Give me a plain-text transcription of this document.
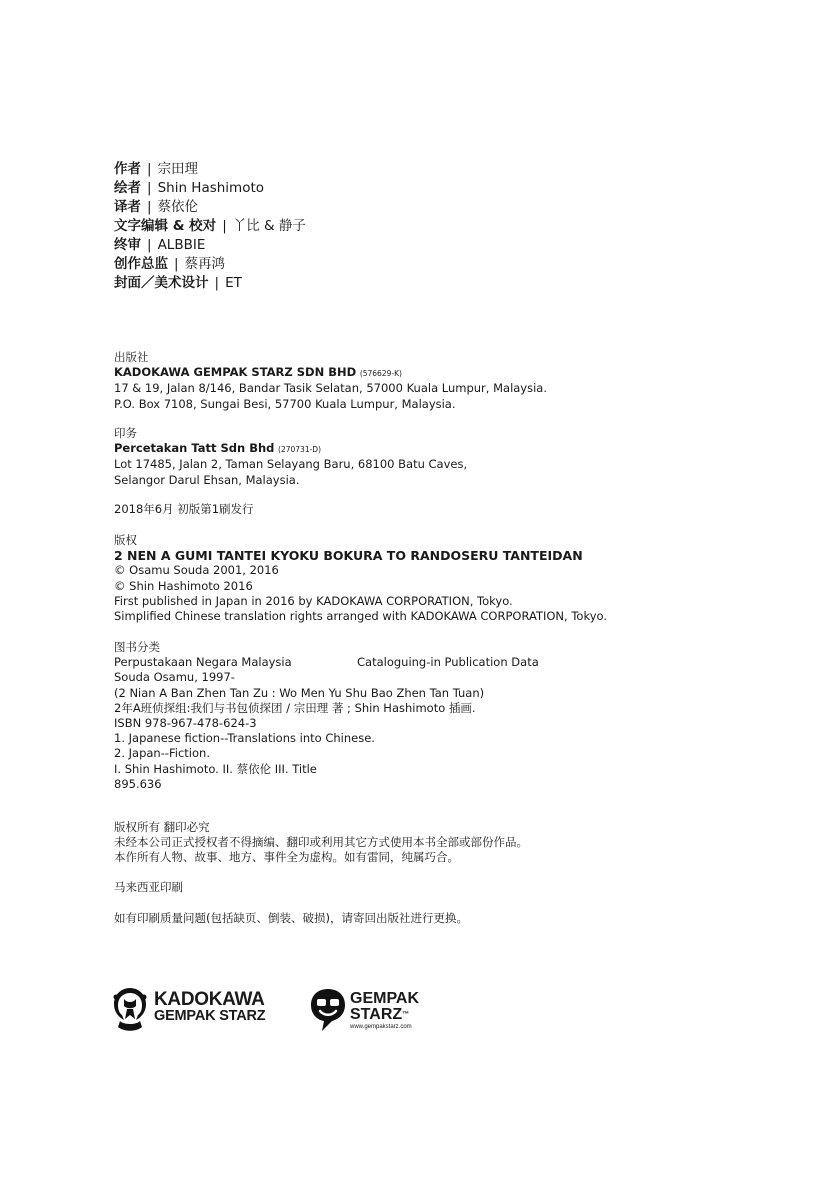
作者 | 宗田理
绘者 | Shin Hashimoto
译者 | 蔡依伦
文字编辑 & 校对 | 丫比 & 静子
终审 | ALBBIE
创作总监 | 蔡再鸿
封面／美术设计 | ET
出版社
KADOKAWA GEMPAK STARZ SDN BHD (576629-K)
17 & 19, Jalan 8/146, Bandar Tasik Selatan, 57000 Kuala Lumpur, Malaysia.
P.O. Box 7108, Sungai Besi, 57700 Kuala Lumpur, Malaysia.
印务
Percetakan Tatt Sdn Bhd (270731-D)
Lot 17485, Jalan 2, Taman Selayang Baru, 68100 Batu Caves,
Selangor Darul Ehsan, Malaysia.
2018年6月 初版第1刷发行
版权
2 NEN A GUMI TANTEI KYOKU BOKURA TO RANDOSERU TANTEIDAN
© Osamu Souda 2001, 2016
© Shin Hashimoto 2016
First published in Japan in 2016 by KADOKAWA CORPORATION, Tokyo.
Simplified Chinese translation rights arranged with KADOKAWA CORPORATION, Tokyo.
图书分类
Perpustakaan Negara Malaysia	Cataloguing-in Publication Data
Souda Osamu, 1997-
(2 Nian A Ban Zhen Tan Zu : Wo Men Yu Shu Bao Zhen Tan Tuan)
2年A班侦探组:我们与书包侦探团 / 宗田理 著 ; Shin Hashimoto 插画.
ISBN 978-967-478-624-3
1. Japanese fiction--Translations into Chinese.
2. Japan--Fiction.
I. Shin Hashimoto. II. 蔡依伦 III. Title
895.636
版权所有 翻印必究
未经本公司正式授权者不得摘编、翻印或利用其它方式使用本书全部或部份作品。
本作所有人物、故事、地方、事件全为虚构。如有雷同，纯属巧合。
马来西亚印刷
如有印刷质量问题(包括缺页、倒装、破损)，请寄回出版社进行更换。
KADOKAWA
GEMPAK STARZ
GEMPAK
STARZ™
www.gempakstarz.com
